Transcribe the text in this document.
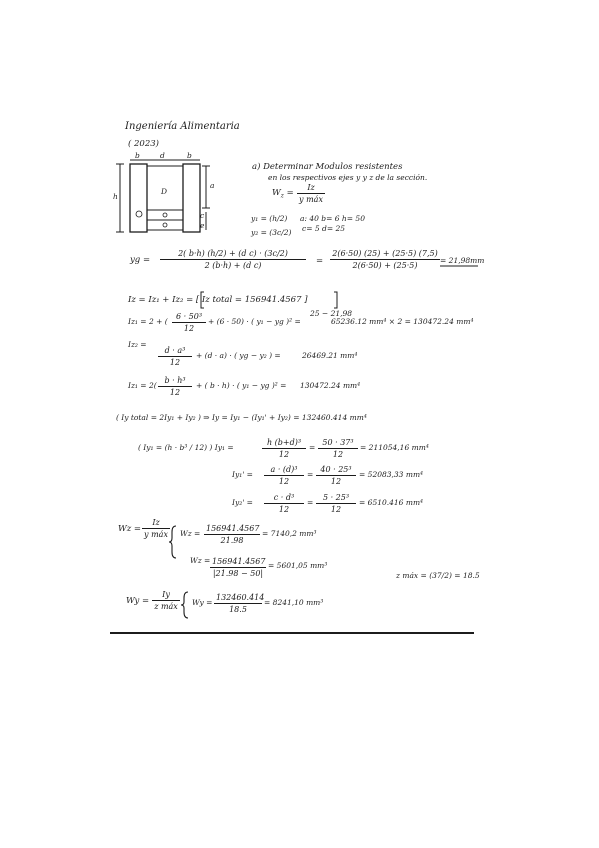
Ingeniería Alimentaria
( 2023)
b	d	b
h
a
D
c
e
a) Determinar Modulos resistentes
en los respectivos ejes y y z de la sección.
$W_z$ =
Iz
y máx
y₁ = (h/2)
y₂ = (3c/2)
a: 40 b= 6 h= 50
c= 5 d= 25
yg =
2( b·h) (h/2) + (d c) · (3c/2)
2 (b·h) + (d c)	=
2(6·50) (25) + (25·5) (7,5)
2(6·50) + (25·5)
= 21,98mm
Iz = Iz₁ + Iz₂ = [ Iz total = 156941.4567 ]
25 − 21,98
Iz₁ = 2 + (
6 · 50³
12
+ (6 · 50) · ( y₁ − yg )² =	65236.12 mm⁴ × 2 = 130472.24 mm⁴
Iz₂ =
d · a³
12
+ (d · a) · ( yg − y₂ ) =	26469.21 mm⁴
Iz₁ = 2(
b · h³
12
+ ( b · h) · ( y₁ − yg )² = 130472.24 mm⁴
( Iy total = 2Iy₁ + Iy₂ ) ⇒ Iy = Iy₁ − (Iy₁' + Iy₂) = 132460.414 mm⁴
( Iy₁ = (h · b³ / 12) ) Iy₁ =
h (b+d)³
12
=
50 · 37³
12
= 211054,16 mm⁴
Iy₁' =
a · (d)³
12
=
40 · 25³
12
= 52083,33 mm⁴
Iy₂' =
c · d³
12
=
5 · 25³
12
= 6510.416 mm⁴
Wz =
Iz
y máx Wz =
156941.4567
21.98
= 7140,2 mm³
Wz = 156941.4567
|21.98 − 50|
= 5601,05 mm³
z máx = (37/2) = 18.5
Wy =
Iy
z máx Wy =
132460.414
18.5
= 8241,10 mm³
